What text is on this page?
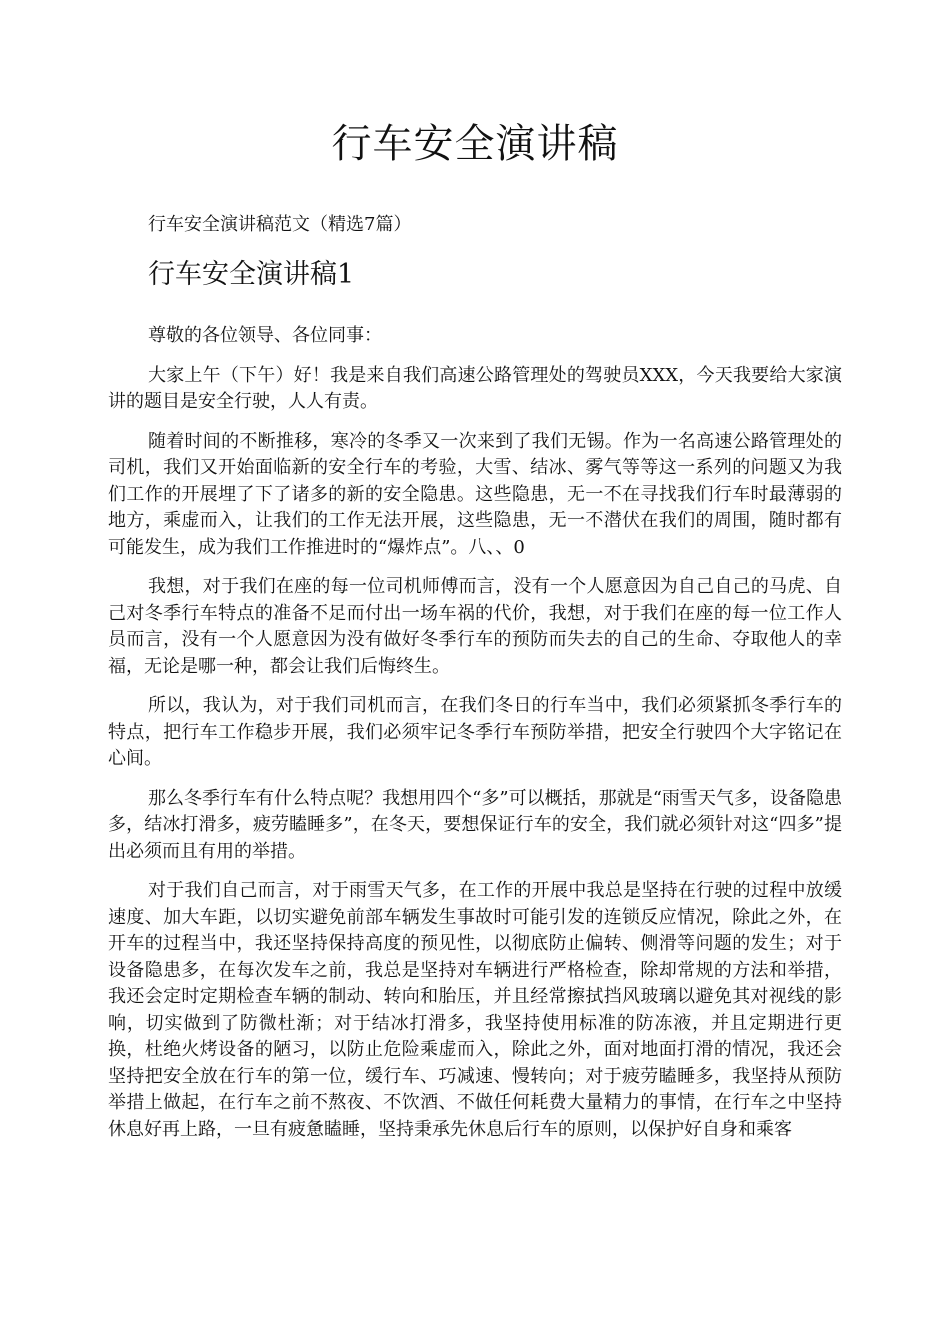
行车安全演讲稿

行车安全演讲稿范文（精选7篇）

行车安全演讲稿1

尊敬的各位领导、各位同事：

大家上午（下午）好！我是来自我们高速公路管理处的驾驶员XXX，今天我要给大家演讲的题目是安全行驶，人人有责。

随着时间的不断推移，寒冷的冬季又一次来到了我们无锡。作为一名高速公路管理处的司机，我们又开始面临新的安全行车的考验，大雪、结冰、雾气等等这一系列的问题又为我们工作的开展埋了下了诸多的新的安全隐患。这些隐患，无一不在寻找我们行车时最薄弱的地方，乘虚而入，让我们的工作无法开展，这些隐患，无一不潜伏在我们的周围，随时都有可能发生，成为我们工作推进时的“爆炸点”。八、、0

我想，对于我们在座的每一位司机师傅而言，没有一个人愿意因为自己自己的马虎、自己对冬季行车特点的准备不足而付出一场车祸的代价，我想，对于我们在座的每一位工作人员而言，没有一个人愿意因为没有做好冬季行车的预防而失去的自己的生命、夺取他人的幸福，无论是哪一种，都会让我们后悔终生。

所以，我认为，对于我们司机而言，在我们冬日的行车当中，我们必须紧抓冬季行车的特点，把行车工作稳步开展，我们必须牢记冬季行车预防举措，把安全行驶四个大字铭记在心间。

那么冬季行车有什么特点呢？我想用四个“多”可以概括，那就是“雨雪天气多，设备隐患多，结冰打滑多，疲劳瞌睡多”，在冬天，要想保证行车的安全，我们就必须针对这“四多”提出必须而且有用的举措。

对于我们自己而言，对于雨雪天气多，在工作的开展中我总是坚持在行驶的过程中放缓速度、加大车距，以切实避免前部车辆发生事故时可能引发的连锁反应情况，除此之外，在开车的过程当中，我还坚持保持高度的预见性，以彻底防止偏转、侧滑等问题的发生；对于设备隐患多，在每次发车之前，我总是坚持对车辆进行严格检查，除却常规的方法和举措，我还会定时定期检查车辆的制动、转向和胎压，并且经常擦拭挡风玻璃以避免其对视线的影响，切实做到了防微杜渐；对于结冰打滑多，我坚持使用标准的防冻液，并且定期进行更换，杜绝火烤设备的陋习，以防止危险乘虚而入，除此之外，面对地面打滑的情况，我还会坚持把安全放在行车的第一位，缓行车、巧减速、慢转向；对于疲劳瞌睡多，我坚持从预防举措上做起，在行车之前不熬夜、不饮酒、不做任何耗费大量精力的事情，在行车之中坚持休息好再上路，一旦有疲惫瞌睡，坚持秉承先休息后行车的原则，以保护好自身和乘客
